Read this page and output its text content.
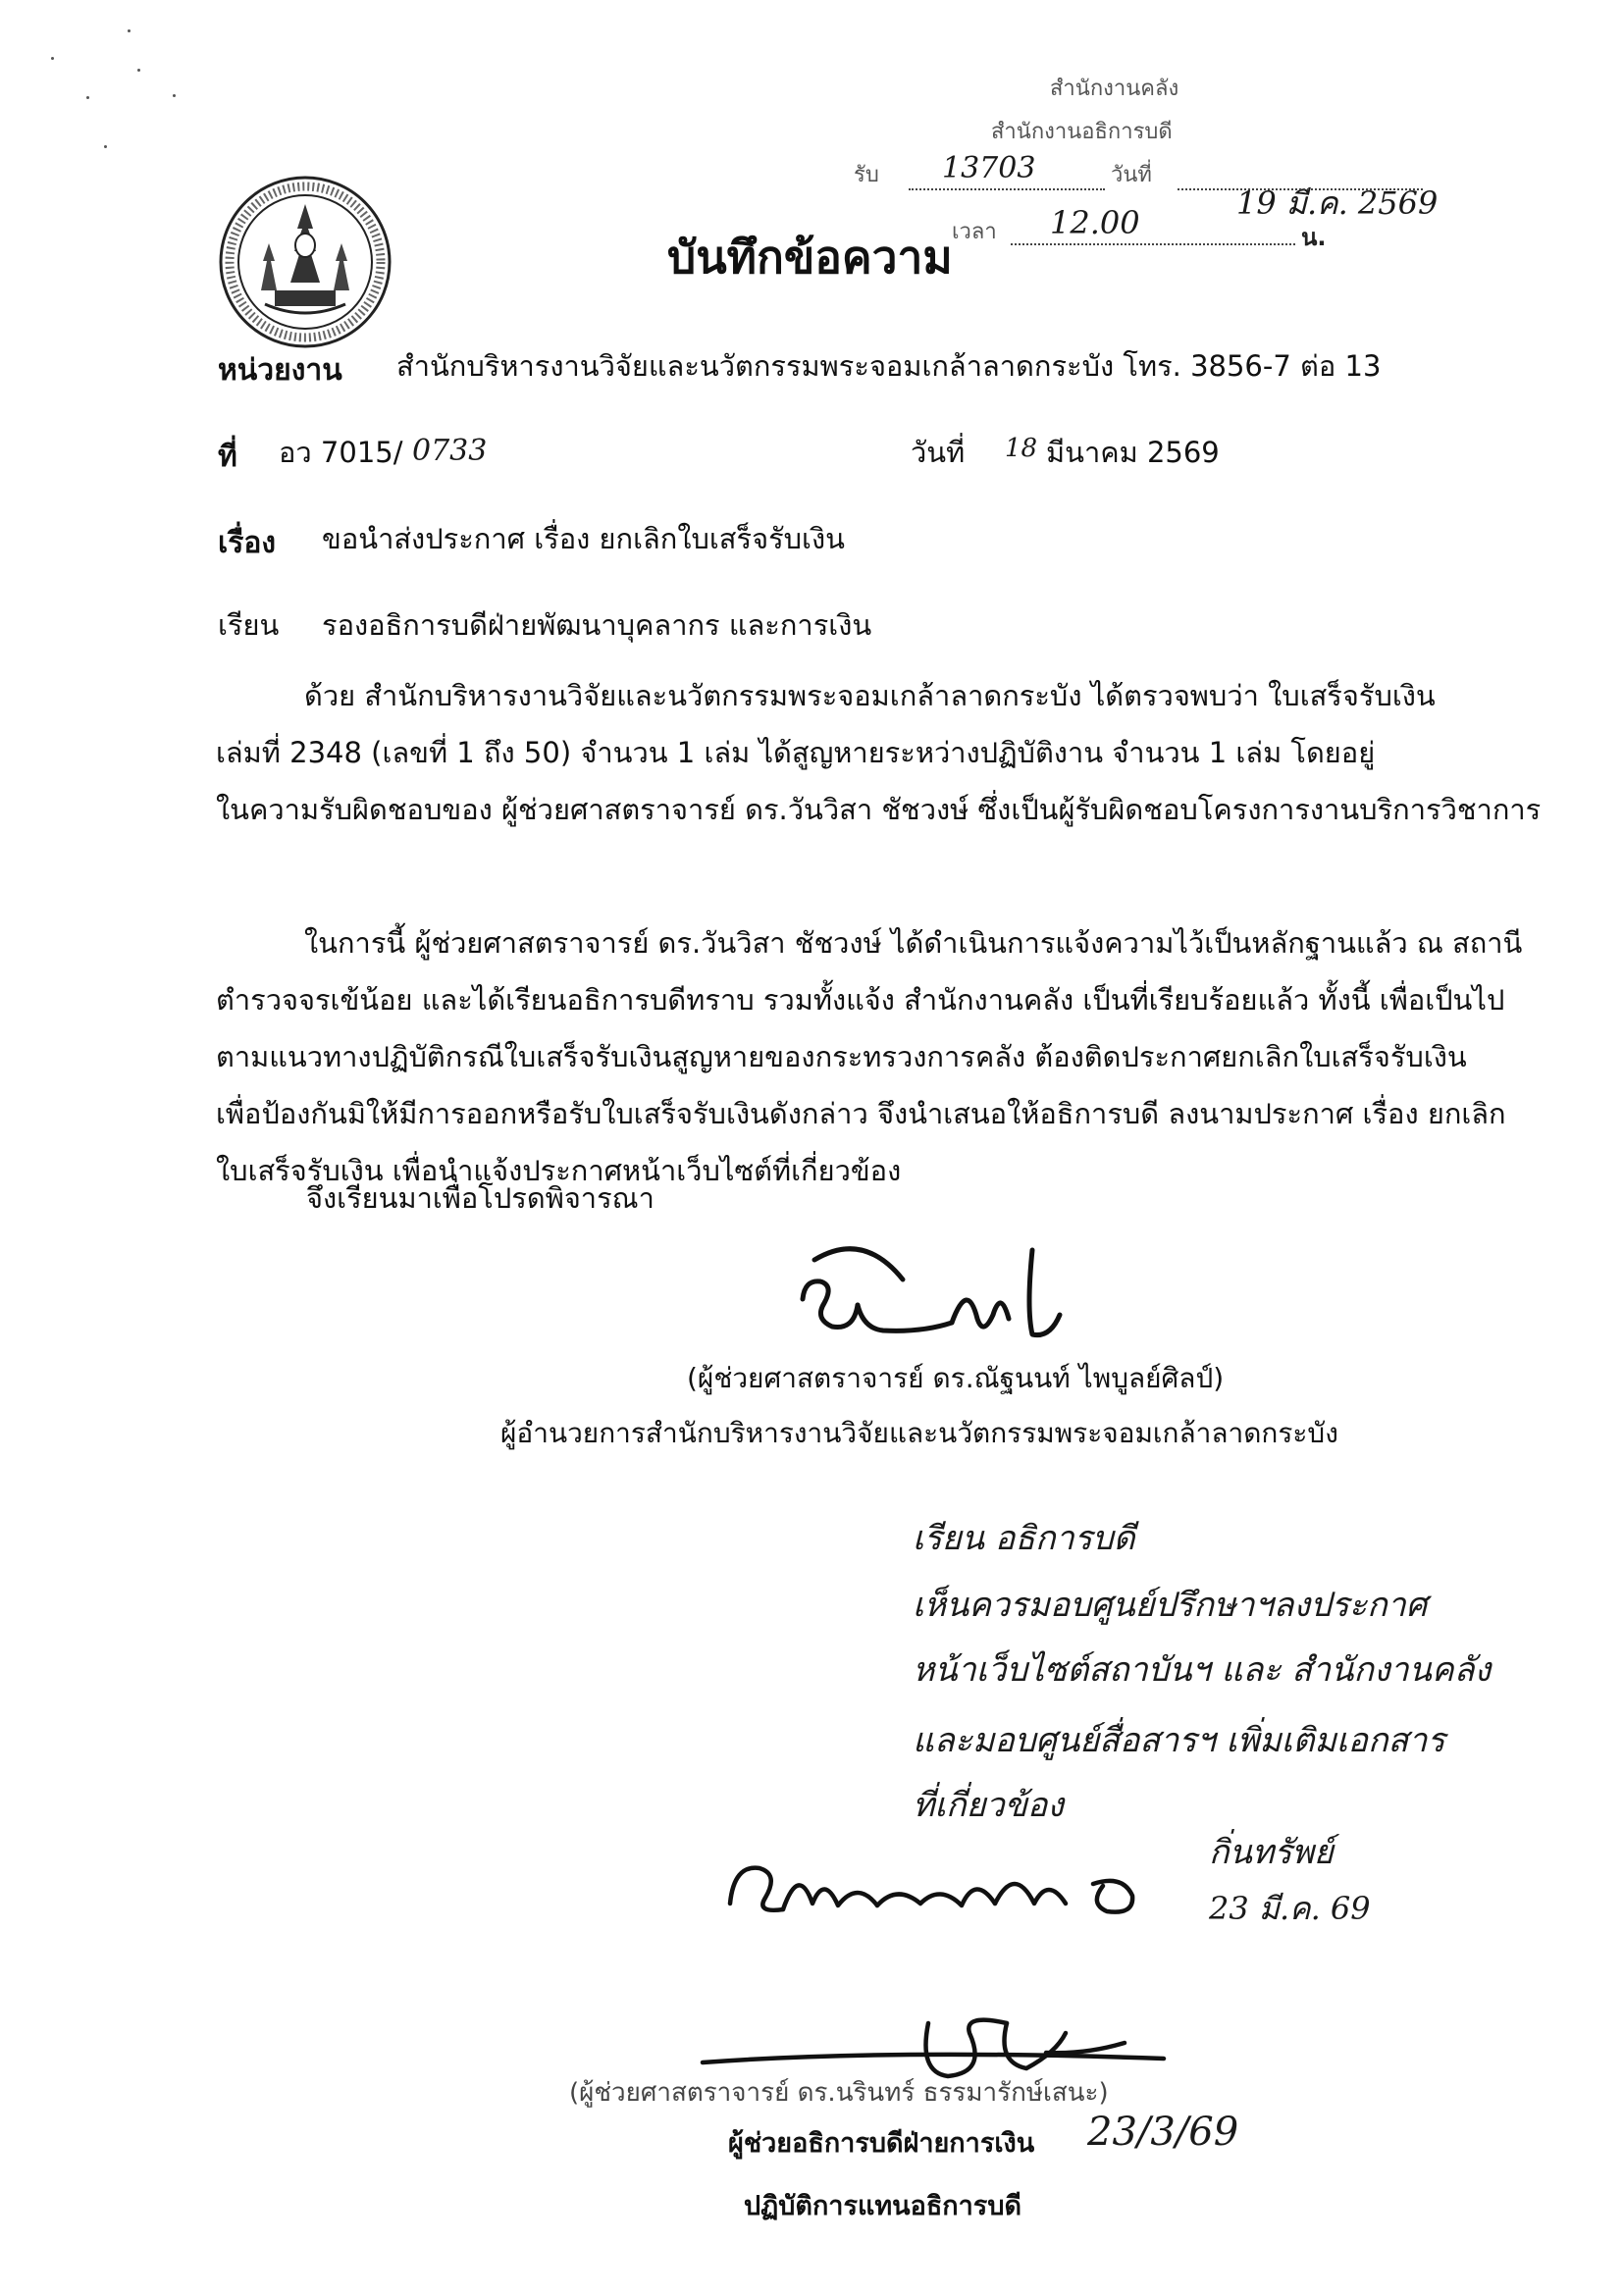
สำนักงานคลัง
สำนักงานอธิการบดี
รับ 13703	วันที่
19 มี.ค. 2569
เวลา 12.00	น.
บันทึกข้อความ
หน่วยงาน สำนักบริหารงานวิจัยและนวัตกรรมพระจอมเกล้าลาดกระบัง โทร. 3856-7 ต่อ 13
ที่ อว 7015/ 0733	วันที่ 18 มีนาคม 2569
เรื่อง ขอนำส่งประกาศ เรื่อง ยกเลิกใบเสร็จรับเงิน
เรียน รองอธิการบดีฝ่ายพัฒนาบุคลากร และการเงิน
ด้วย สำนักบริหารงานวิจัยและนวัตกรรมพระจอมเกล้าลาดกระบัง ได้ตรวจพบว่า ใบเสร็จรับเงิน
เล่มที่ 2348 (เลขที่ 1 ถึง 50) จำนวน 1 เล่ม ได้สูญหายระหว่างปฏิบัติงาน จำนวน 1 เล่ม โดยอยู่
ในความรับผิดชอบของ ผู้ช่วยศาสตราจารย์ ดร.วันวิสา ชัชวงษ์ ซึ่งเป็นผู้รับผิดชอบโครงการงานบริการวิชาการ
ในการนี้ ผู้ช่วยศาสตราจารย์ ดร.วันวิสา ชัชวงษ์ ได้ดำเนินการแจ้งความไว้เป็นหลักฐานแล้ว ณ สถานี
ตำรวจจรเข้น้อย และได้เรียนอธิการบดีทราบ รวมทั้งแจ้ง สำนักงานคลัง เป็นที่เรียบร้อยแล้ว ทั้งนี้ เพื่อเป็นไป
ตามแนวทางปฏิบัติกรณีใบเสร็จรับเงินสูญหายของกระทรวงการคลัง ต้องติดประกาศยกเลิกใบเสร็จรับเงิน
เพื่อป้องกันมิให้มีการออกหรือรับใบเสร็จรับเงินดังกล่าว จึงนำเสนอให้อธิการบดี ลงนามประกาศ เรื่อง ยกเลิก
ใบเสร็จรับเงิน เพื่อนำแจ้งประกาศหน้าเว็บไซต์ที่เกี่ยวข้อง
จึงเรียนมาเพื่อโปรดพิจารณา
(ผู้ช่วยศาสตราจารย์ ดร.ณัฐนนท์ ไพบูลย์ศิลป์)
ผู้อำนวยการสำนักบริหารงานวิจัยและนวัตกรรมพระจอมเกล้าลาดกระบัง
เรียน อธิการบดี
เห็นควรมอบศูนย์ปรึกษาฯลงประกาศ
หน้าเว็บไซต์สถาบันฯ และ สำนักงานคลัง
และมอบศูนย์สื่อสารฯ เพิ่มเติมเอกสาร
ที่เกี่ยวข้อง
กิ่นทรัพย์
23 มี.ค. 69
(ผู้ช่วยศาสตราจารย์ ดร.นรินทร์ ธรรมารักษ์เสนะ)
ผู้ช่วยอธิการบดีฝ่ายการเงิน
ปฏิบัติการแทนอธิการบดี
23/3/69
